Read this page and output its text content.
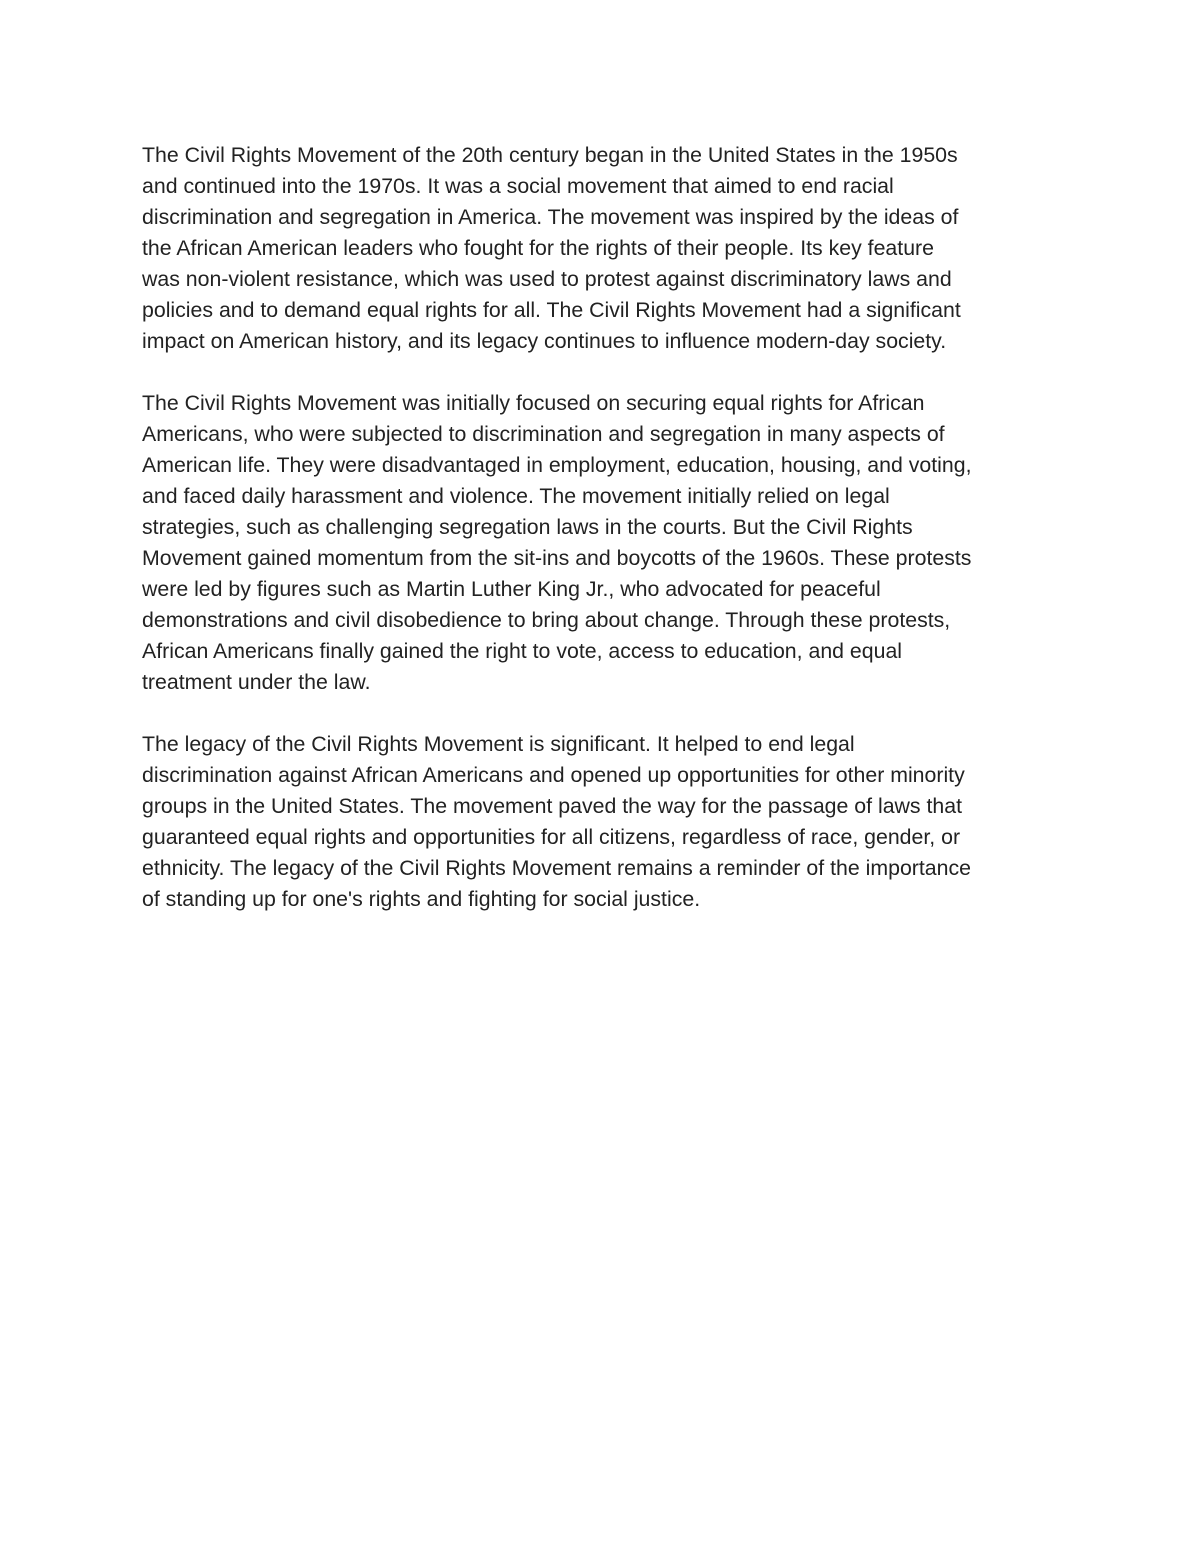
The Civil Rights Movement of the 20th century began in the United States in the 1950s
and continued into the 1970s. It was a social movement that aimed to end racial
discrimination and segregation in America. The movement was inspired by the ideas of
the African American leaders who fought for the rights of their people. Its key feature
was non-violent resistance, which was used to protest against discriminatory laws and
policies and to demand equal rights for all. The Civil Rights Movement had a significant
impact on American history, and its legacy continues to influence modern-day society.

The Civil Rights Movement was initially focused on securing equal rights for African
Americans, who were subjected to discrimination and segregation in many aspects of
American life. They were disadvantaged in employment, education, housing, and voting,
and faced daily harassment and violence. The movement initially relied on legal
strategies, such as challenging segregation laws in the courts. But the Civil Rights
Movement gained momentum from the sit-ins and boycotts of the 1960s. These protests
were led by figures such as Martin Luther King Jr., who advocated for peaceful
demonstrations and civil disobedience to bring about change. Through these protests,
African Americans finally gained the right to vote, access to education, and equal
treatment under the law.

The legacy of the Civil Rights Movement is significant. It helped to end legal
discrimination against African Americans and opened up opportunities for other minority
groups in the United States. The movement paved the way for the passage of laws that
guaranteed equal rights and opportunities for all citizens, regardless of race, gender, or
ethnicity. The legacy of the Civil Rights Movement remains a reminder of the importance
of standing up for one's rights and fighting for social justice.
